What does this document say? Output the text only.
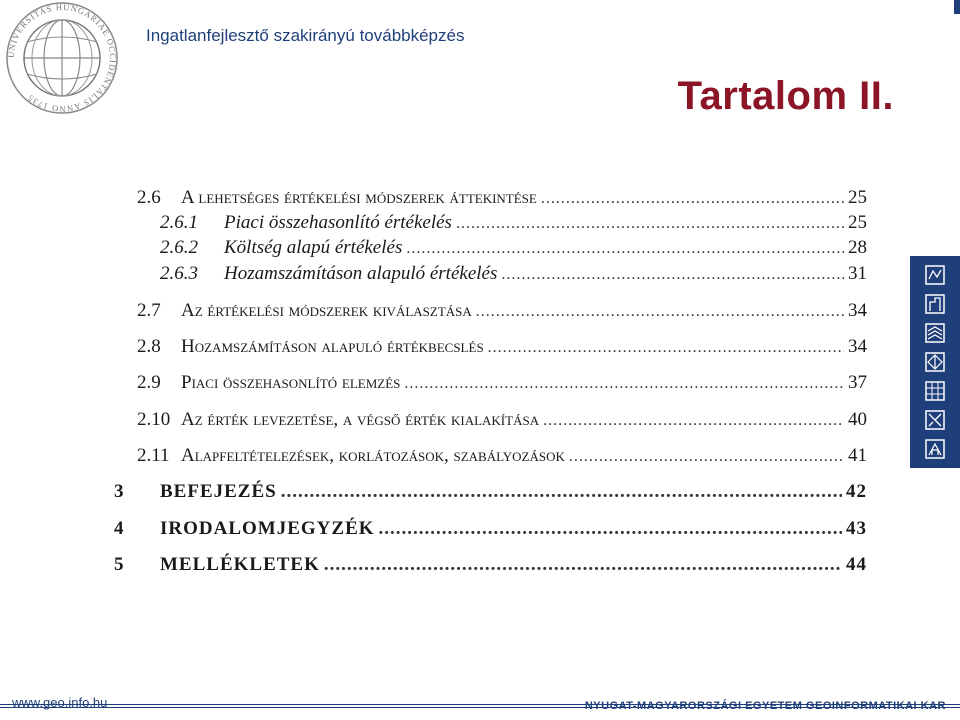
UNIVERSITAS HUNGARIAE OCCIDENTALIS ANNO 1735
Ingatlanfejlesztő szakirányú továbbképzés
Tartalom II.
2.6	A lehetséges értékelési módszerek áttekintése .....	25
2.6.1	Piaci összehasonlító értékelés .....	25
2.6.2	Költség alapú értékelés .....	28
2.6.3	Hozamszámításon alapuló értékelés .....	31
2.7	Az értékelési módszerek kiválasztása .....	34
2.8	Hozamszámításon alapuló értékbecslés .....	34
2.9	Piaci összehasonlító elemzés .....	37
2.10 Az érték levezetése, a végső érték kialakítása .....	40
2.11 Alapfeltételezések, korlátozások, szabályozások .....	41
3	BEFEJEZÉS .....	42
4	IRODALOMJEGYZÉK .....	43
5	MELLÉKLETEK .....	44
www.geo.info.hu	NYUGAT-MAGYARORSZÁGI EGYETEM GEOINFORMATIKAI KAR
